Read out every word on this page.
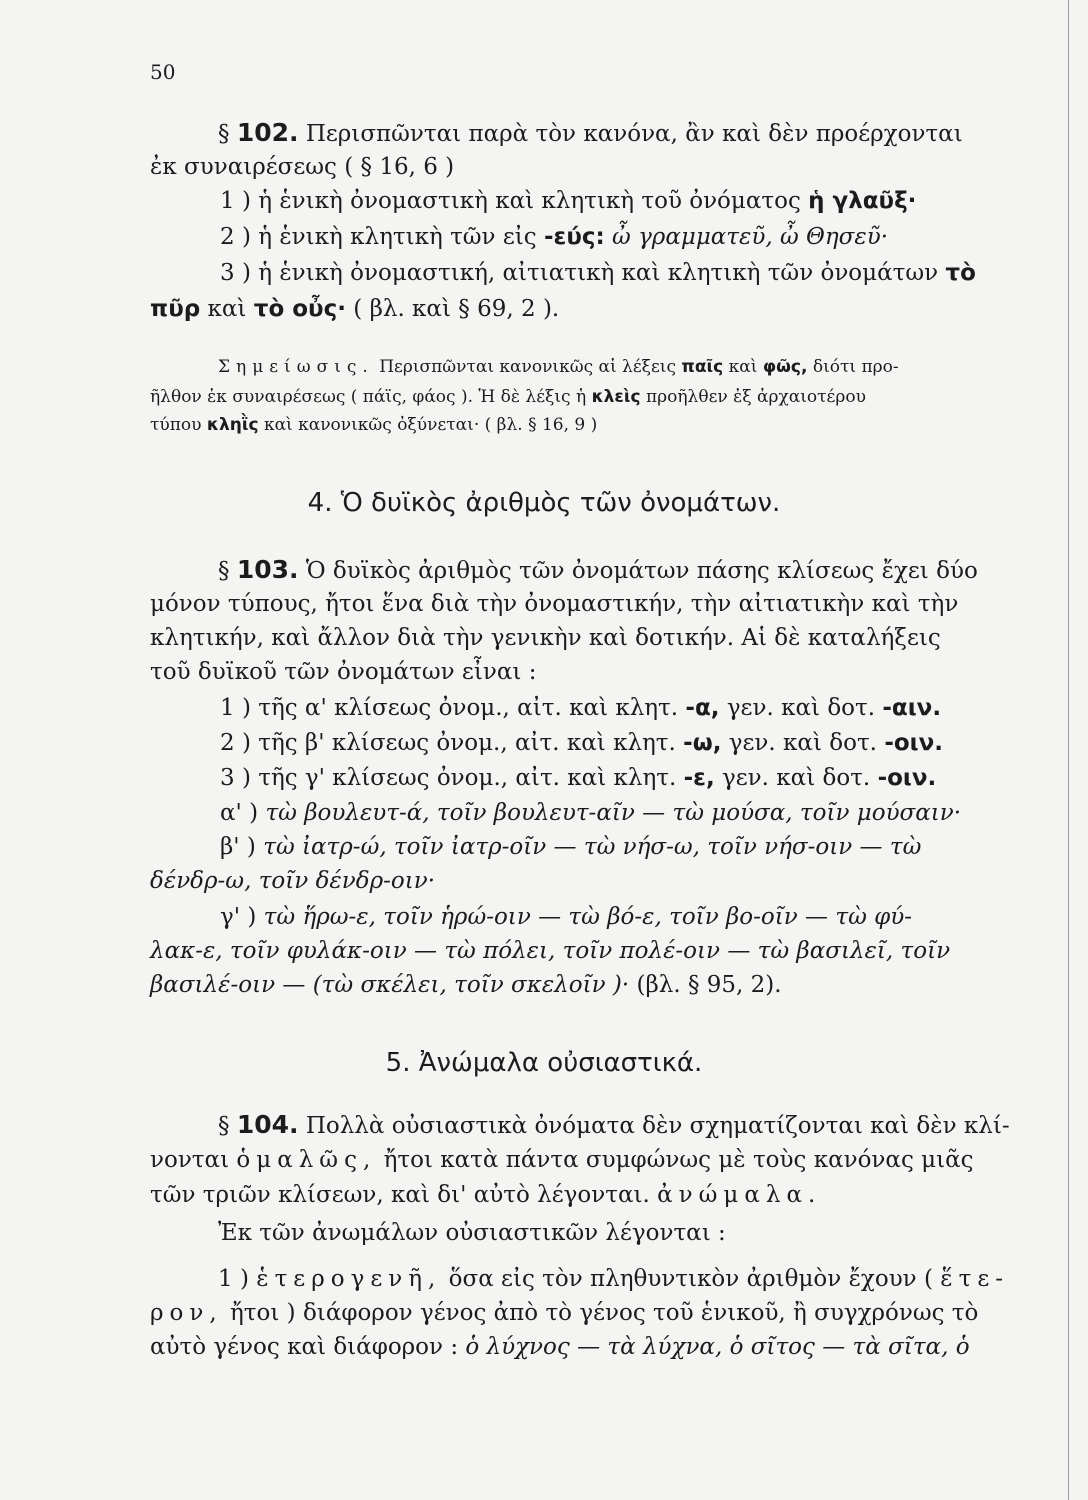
50
§ 102. Περισπῶνται παρὰ τὸν κανόνα, ἂν καὶ δὲν προέρχονται
ἐκ συναιρέσεως ( § 16, 6 )
1 ) ἡ ἑνικὴ ὀνομαστικὴ καὶ κλητικὴ τοῦ ὀνόματος ἡ γλαῦξ·
2 ) ἡ ἑνικὴ κλητικὴ τῶν εἰς -εύς: ὦ γραμματεῦ, ὦ Θησεῦ·
3 ) ἡ ἑνικὴ ὀνομαστική, αἰτιατικὴ καὶ κλητικὴ τῶν ὀνομάτων τὸ
πῦρ καὶ τὸ οὖς· ( βλ. καὶ § 69, 2 ).
Σημείωσις. Περισπῶνται κανονικῶς αἱ λέξεις παῖς καὶ φῶς, διότι προ-
ῆλθον ἐκ συναιρέσεως ( πάϊς, φάος ). Ἡ δὲ λέξις ἡ κλεὶς προῆλθεν ἐξ ἀρχαιοτέρου
τύπου κληῒς καὶ κανονικῶς ὀξύνεται· ( βλ. § 16, 9 )
4. Ὁ δυϊκὸς ἀριθμὸς τῶν ὀνομάτων.
§ 103. Ὁ δυϊκὸς ἀριθμὸς τῶν ὀνομάτων πάσης κλίσεως ἔχει δύο
μόνον τύπους, ἤτοι ἕνα διὰ τὴν ὀνομαστικήν, τὴν αἰτιατικὴν καὶ τὴν
κλητικήν, καὶ ἄλλον διὰ τὴν γενικὴν καὶ δοτικήν. Αἱ δὲ καταλήξεις
τοῦ δυϊκοῦ τῶν ὀνομάτων εἶναι :
1 ) τῆς α' κλίσεως ὀνομ., αἰτ. καὶ κλητ. -α, γεν. καὶ δοτ. -αιν.
2 ) τῆς β' κλίσεως ὀνομ., αἰτ. καὶ κλητ. -ω, γεν. καὶ δοτ. -οιν.
3 ) τῆς γ' κλίσεως ὀνομ., αἰτ. καὶ κλητ. -ε, γεν. καὶ δοτ. -οιν.
α' ) τὼ βουλευτ-ά, τοῖν βουλευτ-αῖν — τὼ μούσα, τοῖν μούσαιν·
β' ) τὼ ἰατρ-ώ, τοῖν ἰατρ-οῖν — τὼ νήσ-ω, τοῖν νήσ-οιν — τὼ
δένδρ-ω, τοῖν δένδρ-οιν·
γ' ) τὼ ἥρω-ε, τοῖν ἡρώ-οιν — τὼ βό-ε, τοῖν βο-οῖν — τὼ φύ-
λακ-ε, τοῖν φυλάκ-οιν — τὼ πόλει, τοῖν πολέ-οιν — τὼ βασιλεῖ, τοῖν
βασιλέ-οιν — (τὼ σκέλει, τοῖν σκελοῖν )· (βλ. § 95, 2).
5. Ἀνώμαλα οὐσιαστικά.
§ 104. Πολλὰ οὐσιαστικὰ ὀνόματα δὲν σχηματίζονται καὶ δὲν κλί-
νονται ὁμαλῶς, ἤτοι κατὰ πάντα συμφώνως μὲ τοὺς κανόνας μιᾶς
τῶν τριῶν κλίσεων, καὶ δι' αὐτὸ λέγονται. ἀνώμαλα.
Ἐκ τῶν ἀνωμάλων οὐσιαστικῶν λέγονται :
1 ) ἑτερογενῆ, ὅσα εἰς τὸν πληθυντικὸν ἀριθμὸν ἔχουν ( ἕτε-
ρον, ἤτοι ) διάφορον γένος ἀπὸ τὸ γένος τοῦ ἑνικοῦ, ἢ συγχρόνως τὸ
αὐτὸ γένος καὶ διάφορον : ὁ λύχνος — τὰ λύχνα, ὁ σῖτος — τὰ σῖτα, ὁ
